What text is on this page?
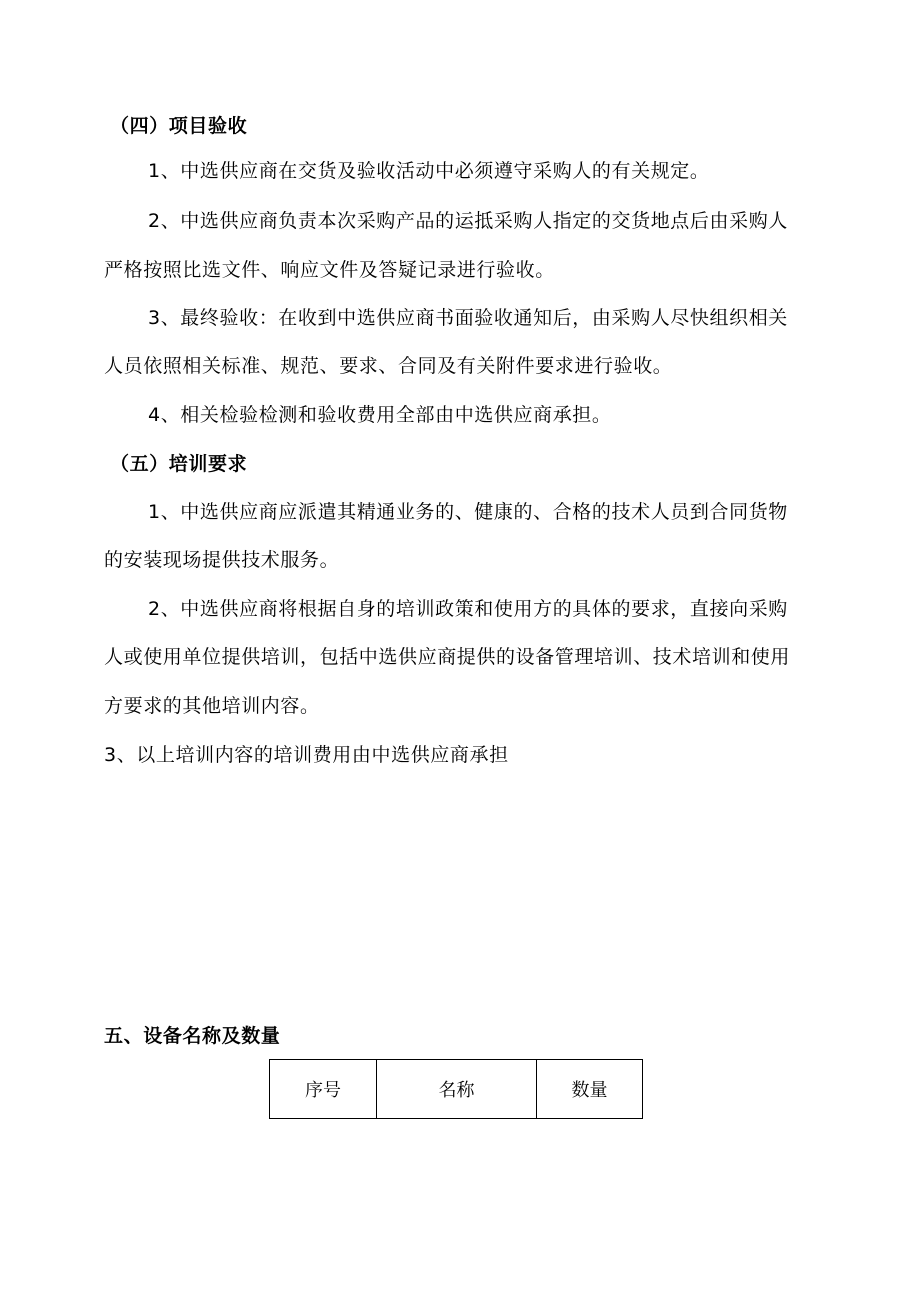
（四）项目验收
1、中选供应商在交货及验收活动中必须遵守采购人的有关规定。
2、中选供应商负责本次采购产品的运抵采购人指定的交货地点后由采购人
严格按照比选文件、响应文件及答疑记录进行验收。
3、最终验收：在收到中选供应商书面验收通知后，由采购人尽快组织相关
人员依照相关标准、规范、要求、合同及有关附件要求进行验收。
4、相关检验检测和验收费用全部由中选供应商承担。
（五）培训要求
1、中选供应商应派遣其精通业务的、健康的、合格的技术人员到合同货物
的安装现场提供技术服务。
2、中选供应商将根据自身的培训政策和使用方的具体的要求，直接向采购
人或使用单位提供培训，包括中选供应商提供的设备管理培训、技术培训和使用
方要求的其他培训内容。
3、以上培训内容的培训费用由中选供应商承担
五、设备名称及数量
序号	名称	数量
